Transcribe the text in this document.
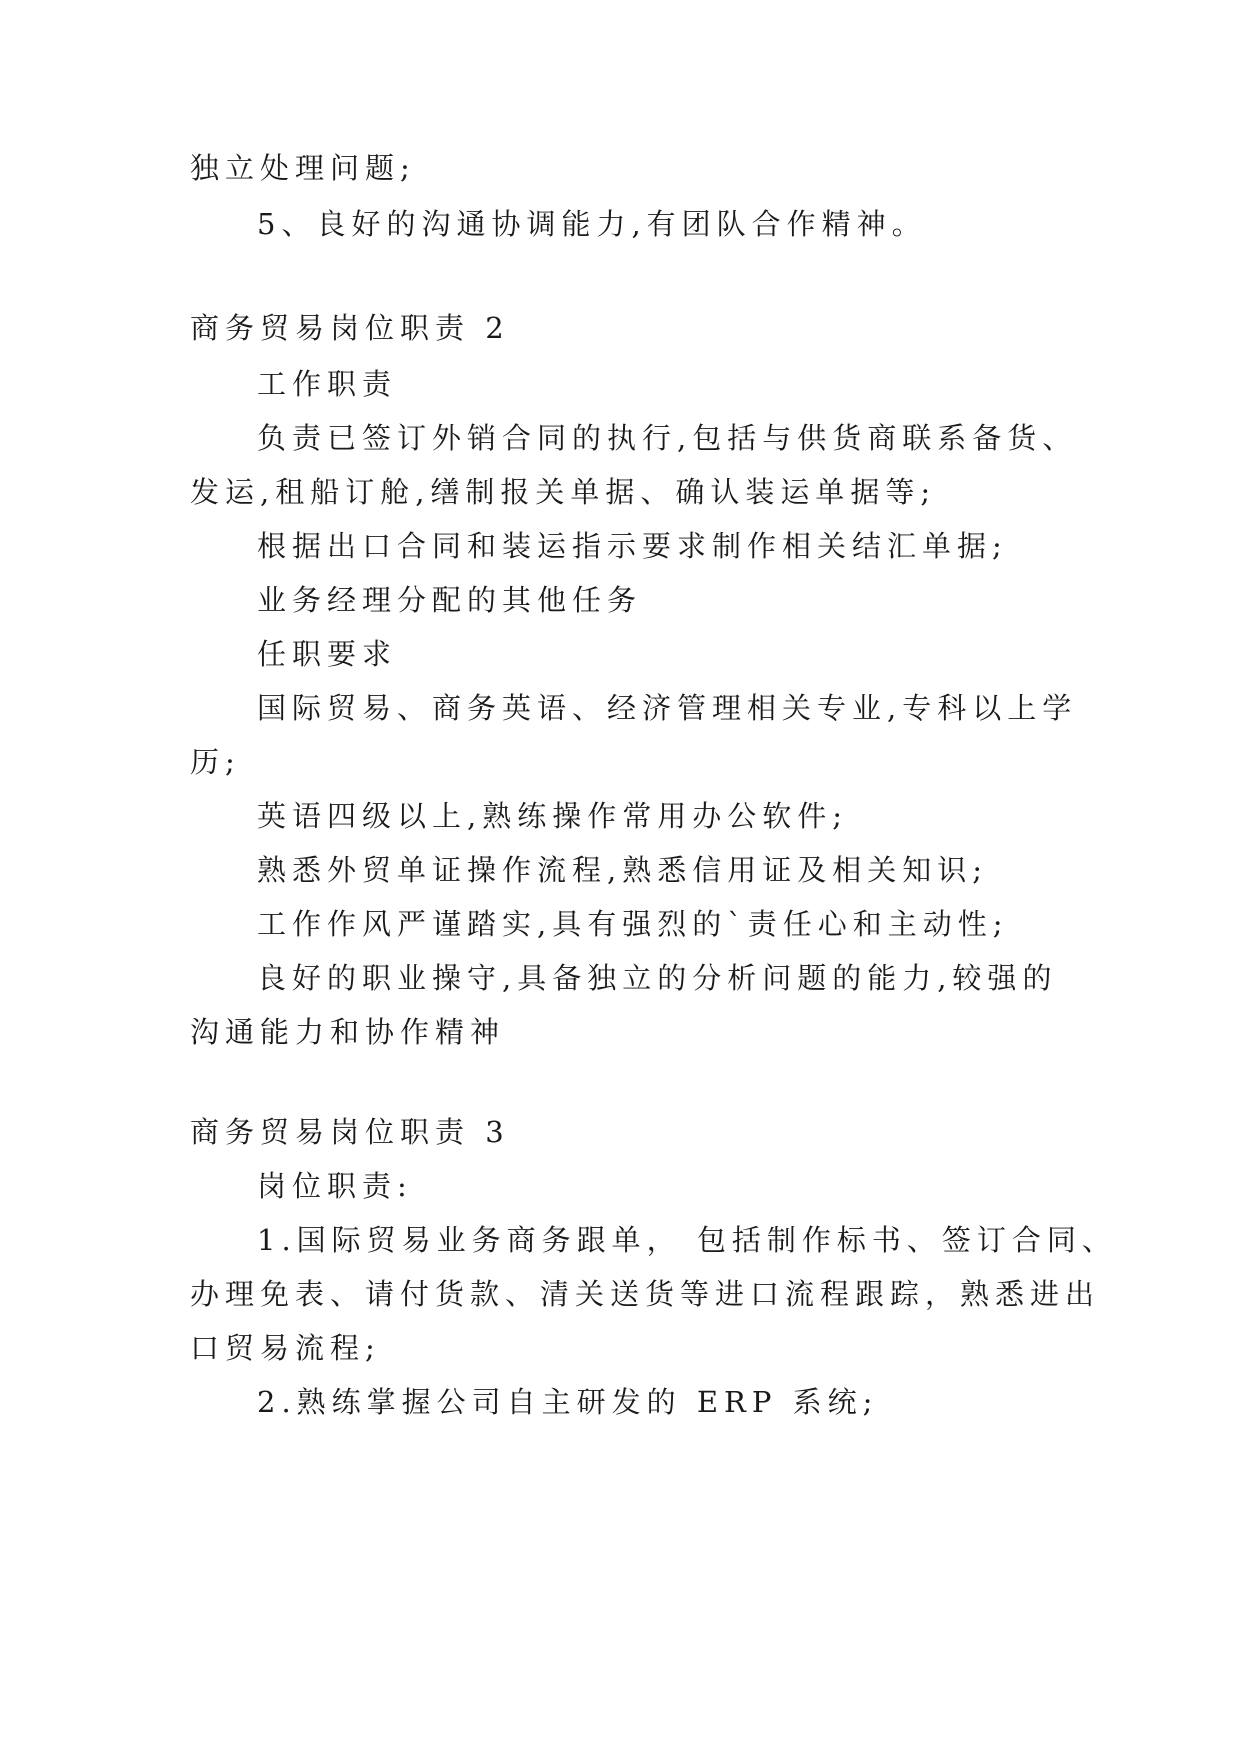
独立处理问题;
5、良好的沟通协调能力,有团队合作精神。
商务贸易岗位职责 2
工作职责
负责已签订外销合同的执行,包括与供货商联系备货、
发运,租船订舱,缮制报关单据、确认装运单据等;
根据出口合同和装运指示要求制作相关结汇单据;
业务经理分配的其他任务
任职要求
国际贸易、商务英语、经济管理相关专业,专科以上学
历;
英语四级以上,熟练操作常用办公软件;
熟悉外贸单证操作流程,熟悉信用证及相关知识;
工作作风严谨踏实,具有强烈的`责任心和主动性;
良好的职业操守,具备独立的分析问题的能力,较强的
沟通能力和协作精神
商务贸易岗位职责 3
岗位职责:
1.国际贸易业务商务跟单， 包括制作标书、签订合同、
办理免表、请付货款、清关送货等进口流程跟踪，熟悉进出
口贸易流程;
2.熟练掌握公司自主研发的 ERP 系统;
